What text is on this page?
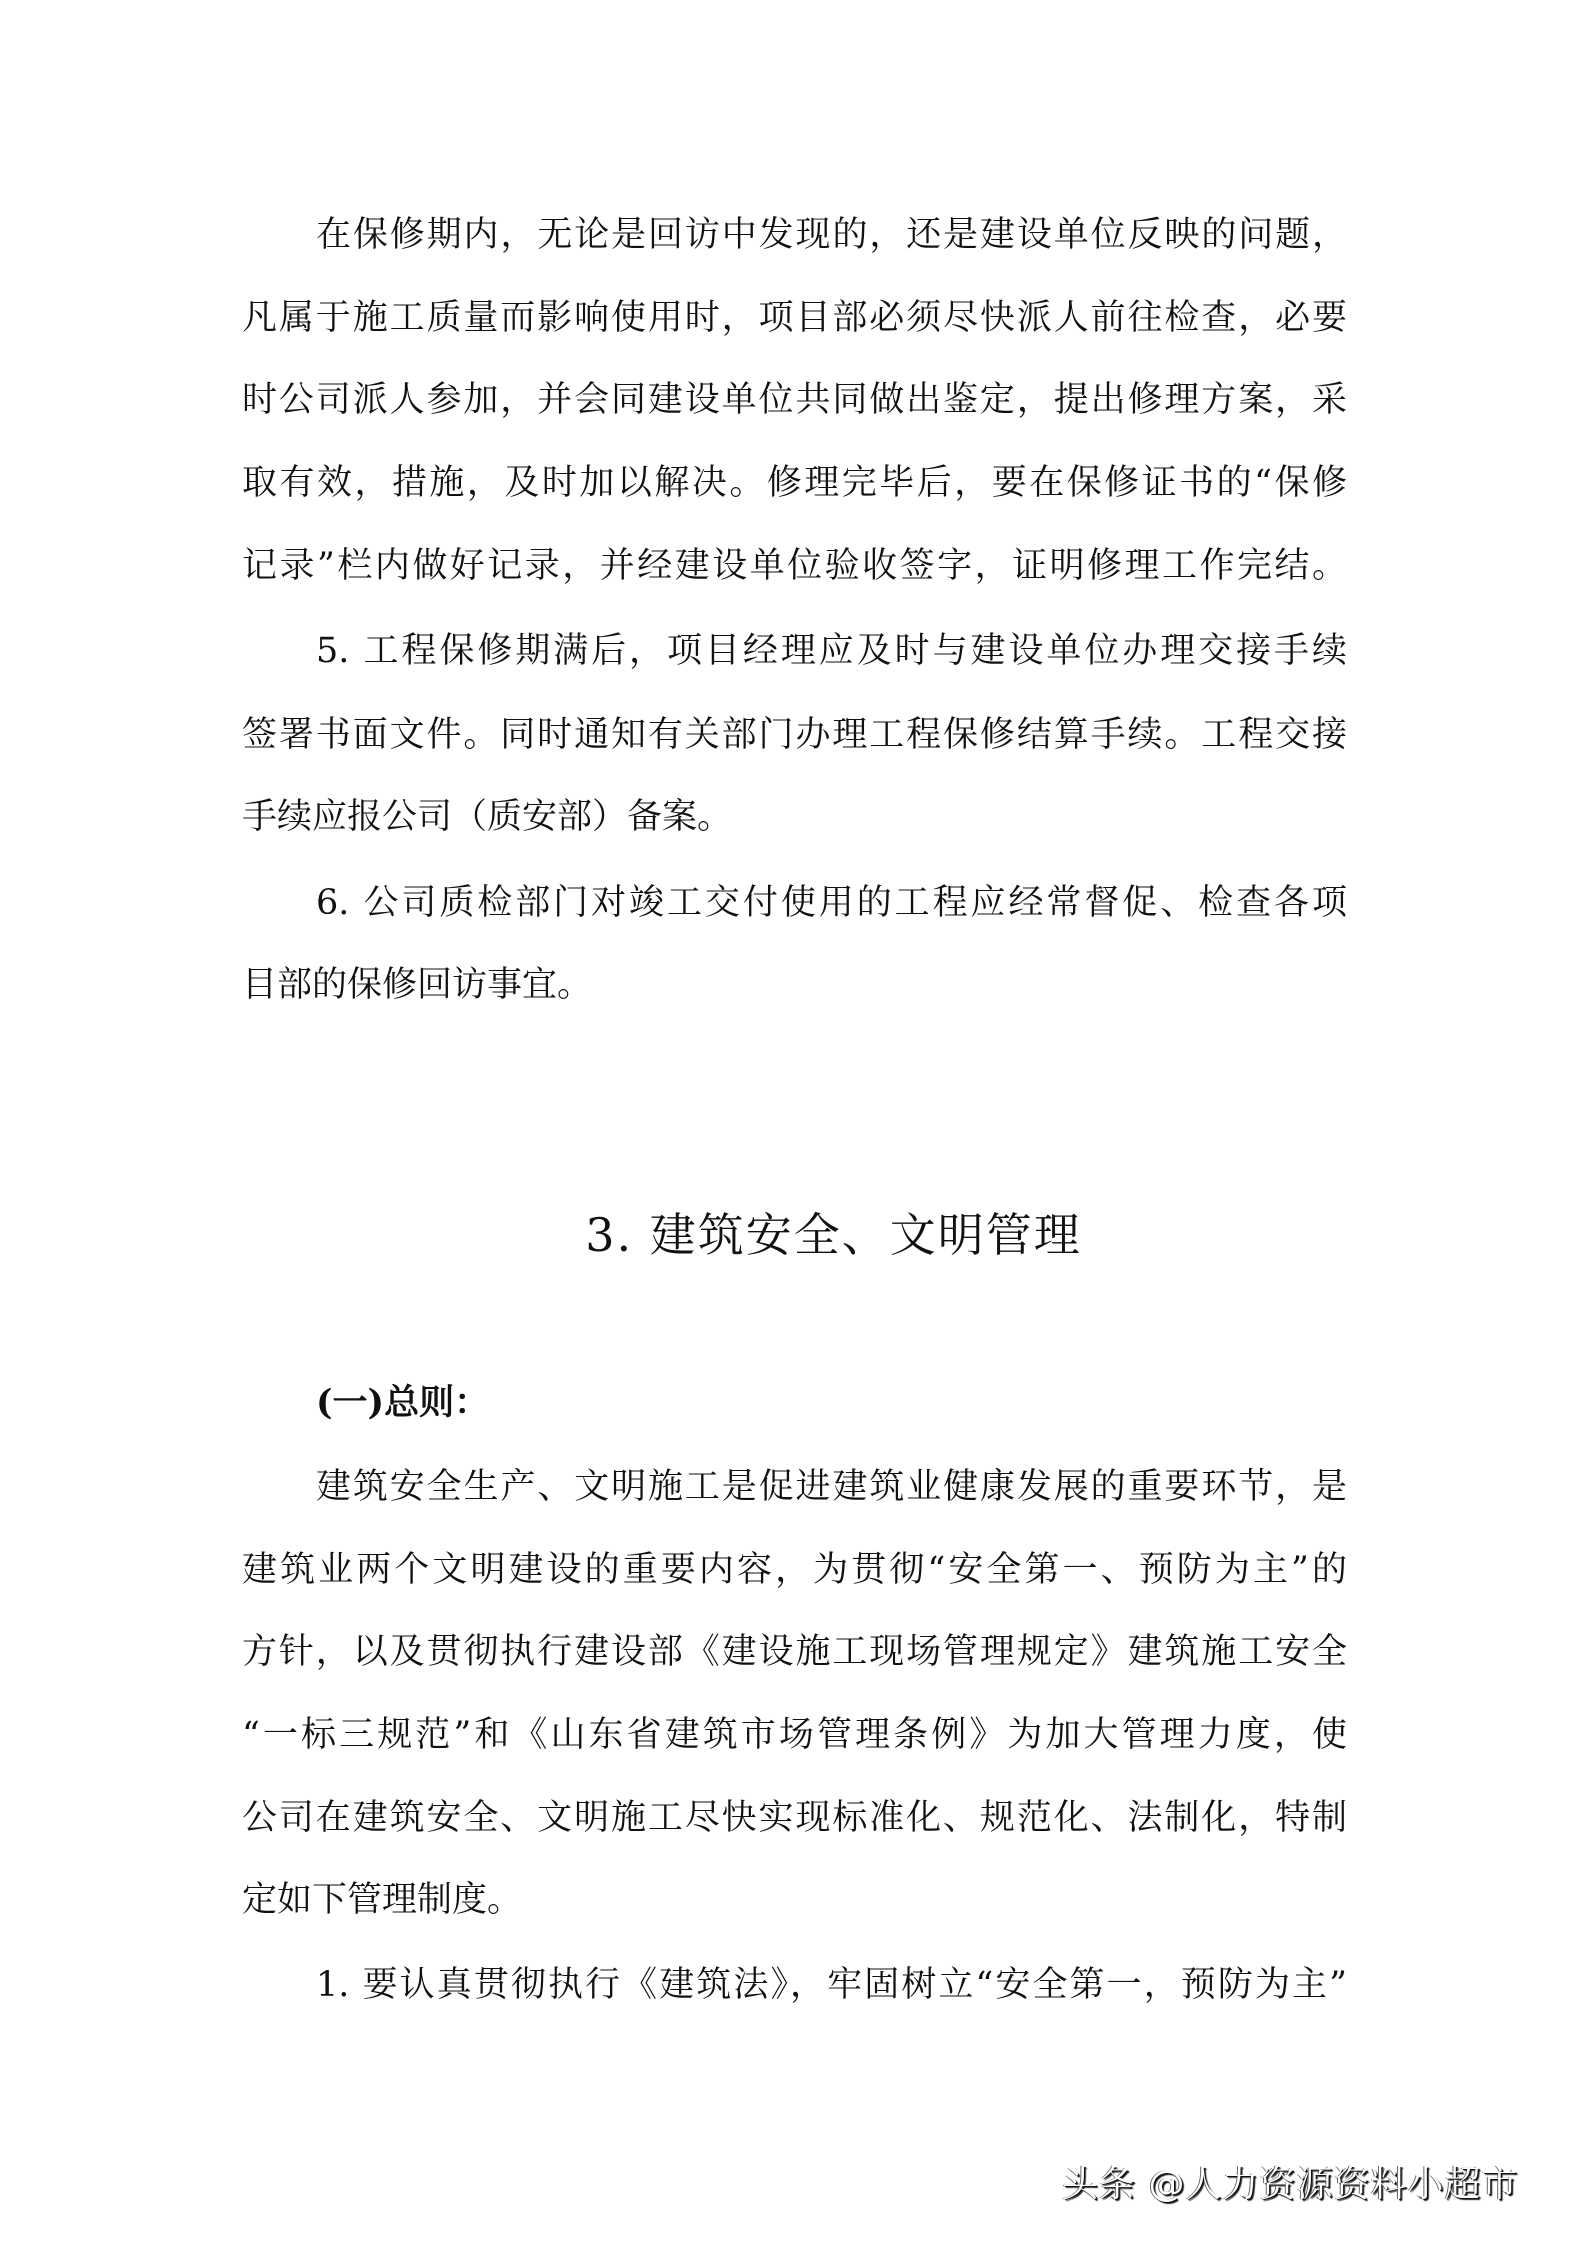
在保修期内，无论是回访中发现的，还是建设单位反映的问题，
凡属于施工质量而影响使用时，项目部必须尽快派人前往检查，必要
时公司派人参加，并会同建设单位共同做出鉴定，提出修理方案，采
取有效，措施，及时加以解决。修理完毕后，要在保修证书的“保修
记录”栏内做好记录，并经建设单位验收签字，证明修理工作完结。
5. 工程保修期满后，项目经理应及时与建设单位办理交接手续
签署书面文件。同时通知有关部门办理工程保修结算手续。工程交接
手续应报公司（质安部）备案。
6. 公司质检部门对竣工交付使用的工程应经常督促、检查各项
目部的保修回访事宜。
3. 建筑安全、文明管理
(一)总则：
建筑安全生产、文明施工是促进建筑业健康发展的重要环节，是
建筑业两个文明建设的重要内容，为贯彻“安全第一、预防为主”的
方针，以及贯彻执行建设部《建设施工现场管理规定》建筑施工安全
“一标三规范”和《山东省建筑市场管理条例》为加大管理力度，使
公司在建筑安全、文明施工尽快实现标准化、规范化、法制化，特制
定如下管理制度。
1. 要认真贯彻执行《建筑法》，牢固树立“安全第一，预防为主”
头条 @人力资源资料小超市
